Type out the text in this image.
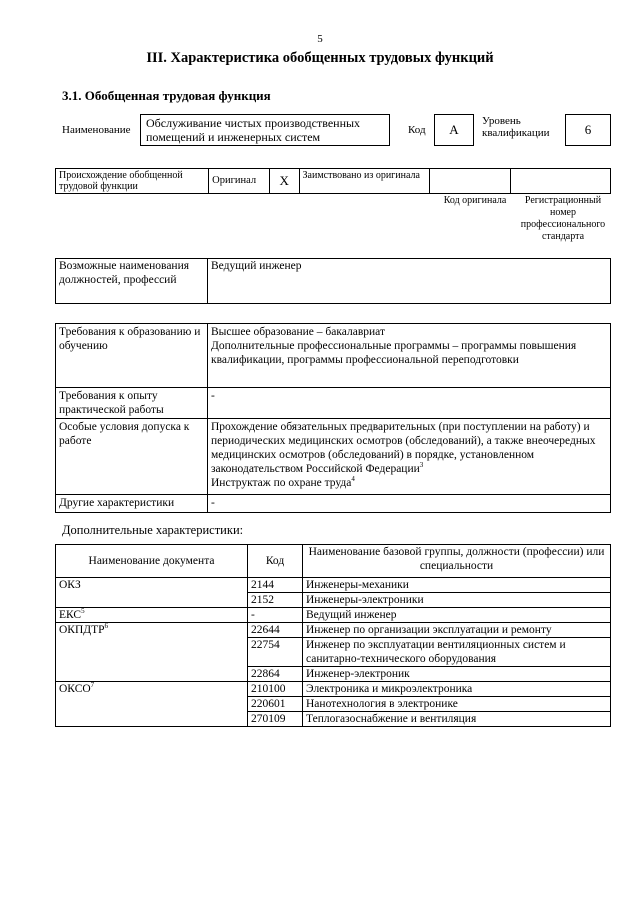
5
III. Характеристика обобщенных трудовых функций
3.1. Обобщенная трудовая функция
Наименование	Обслуживание чистых производственных помещений и инженерных систем	Код	A
Уровень квалификации	6
Происхождение обобщенной трудовой функции	Оригинал	X	Заимствовано из оригинала		
Код оригинала	Регистрационный номер профессионального стандарта
Возможные наименования должностей, профессий	Ведущий инженер
Требования к образованию и обучению	Высшее образование – бакалавриат
Дополнительные профессиональные программы – программы повышения квалификации, программы профессиональной переподготовки

Требования к опыту практической работы	-
Особые условия допуска к работе	Прохождение обязательных предварительных (при поступлении на работу) и периодических медицинских осмотров (обследований), а также внеочередных медицинских осмотров (обследований) в порядке, установленном законодательством Российской Федерации$^3$
Инструктаж по охране труда$^4$

Другие характеристики	-
Дополнительные характеристики:
Наименование документа	Код	Наименование базовой группы, должности (профессии) или специальности
ОКЗ	2144	Инженеры-механики
	2152	Инженеры-электроники
ЕКС$^5$	-	Ведущий инженер
ОКПДТР$^6$	22644	Инженер по организации эксплуатации и ремонту
	22754	Инженер по эксплуатации вентиляционных систем и санитарно-технического оборудования
	22864	Инженер-электроник
ОКСО$^7$	210100	Электроника и микроэлектроника
	220601	Нанотехнология в электронике
	270109	Теплогазоснабжение и вентиляция
